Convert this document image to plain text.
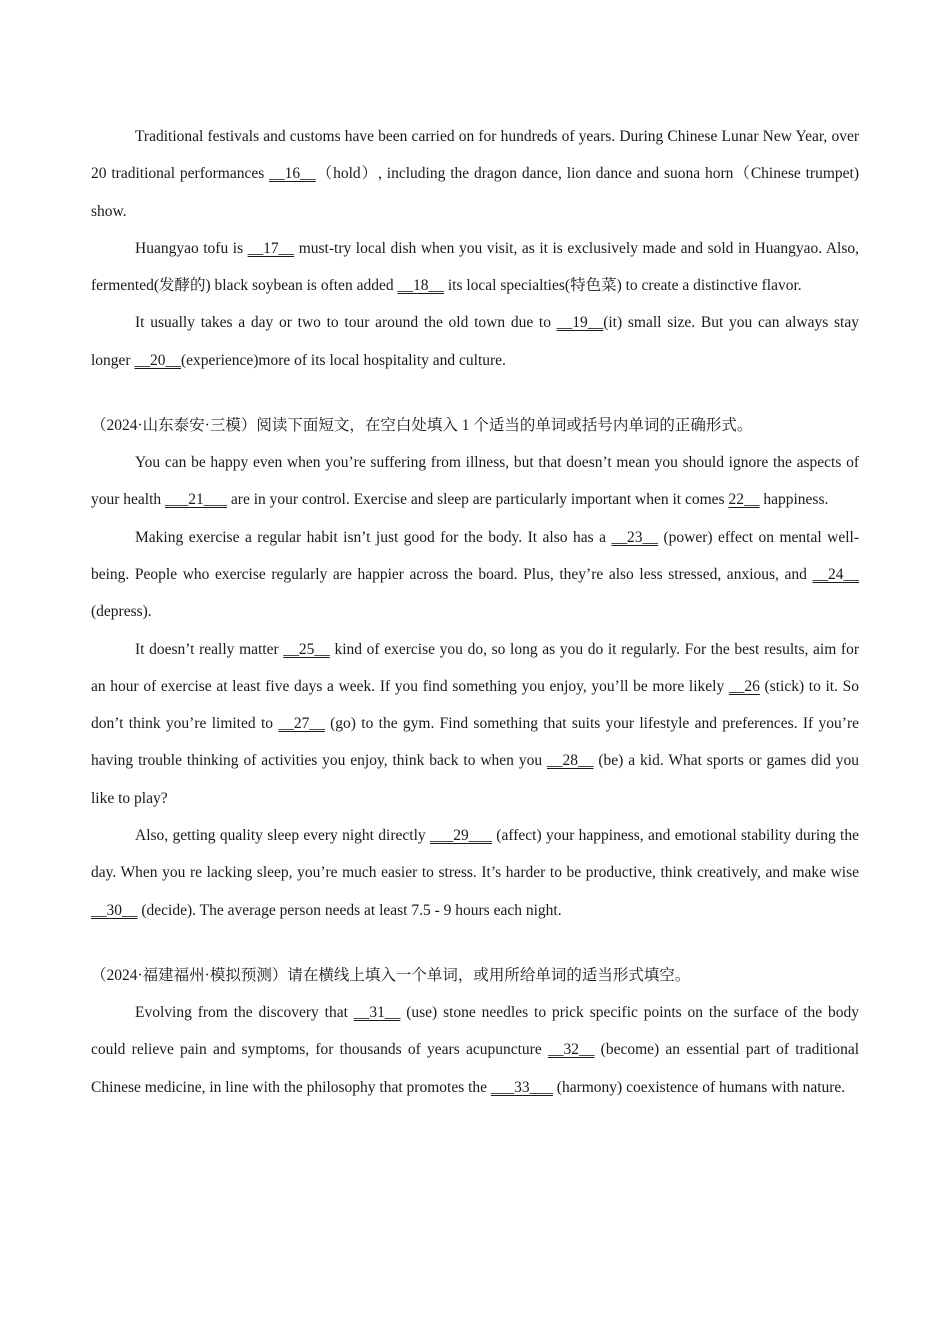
Traditional festivals and customs have been carried on for hundreds of years. During Chinese Lunar New Year, over 20 traditional performances __16__（hold）, including the dragon dance, lion dance and suona horn（Chinese trumpet) show.

Huangyao tofu is __17__ must-try local dish when you visit, as it is exclusively made and sold in Huangyao. Also, fermented(发酵的) black soybean is often added __18__ its local specialties(特色菜) to create a distinctive flavor.

It usually takes a day or two to tour around the old town due to __19__(it) small size. But you can always stay longer __20__(experience)more of its local hospitality and culture.

（2024·山东泰安·三模）阅读下面短文，在空白处填入 1 个适当的单词或括号内单词的正确形式。

You can be happy even when you’re suffering from illness, but that doesn’t mean you should ignore the aspects of your health ___21___ are in your control. Exercise and sleep are particularly important when it comes 22__ happiness.

Making exercise a regular habit isn’t just good for the body. It also has a __23__ (power) effect on mental well-being. People who exercise regularly are happier across the board. Plus, they’re also less stressed, anxious, and __24__ (depress).

It doesn’t really matter __25__ kind of exercise you do, so long as you do it regularly. For the best results, aim for an hour of exercise at least five days a week. If you find something you enjoy, you’ll be more likely __26 (stick) to it. So don’t think you’re limited to __27__ (go) to the gym. Find something that suits your lifestyle and preferences. If you’re having trouble thinking of activities you enjoy, think back to when you __28__ (be) a kid. What sports or games did you like to play?

Also, getting quality sleep every night directly ___29___ (affect) your happiness, and emotional stability during the day. When you re lacking sleep, you’re much easier to stress. It’s harder to be productive, think creatively, and make wise __30__ (decide). The average person needs at least 7.5 - 9 hours each night.

（2024·福建福州·模拟预测）请在横线上填入一个单词，或用所给单词的适当形式填空。

Evolving from the discovery that __31__ (use) stone needles to prick specific points on the surface of the body could relieve pain and symptoms, for thousands of years acupuncture __32__ (become) an essential part of traditional Chinese medicine, in line with the philosophy that promotes the ___33___ (harmony) coexistence of humans with nature.
